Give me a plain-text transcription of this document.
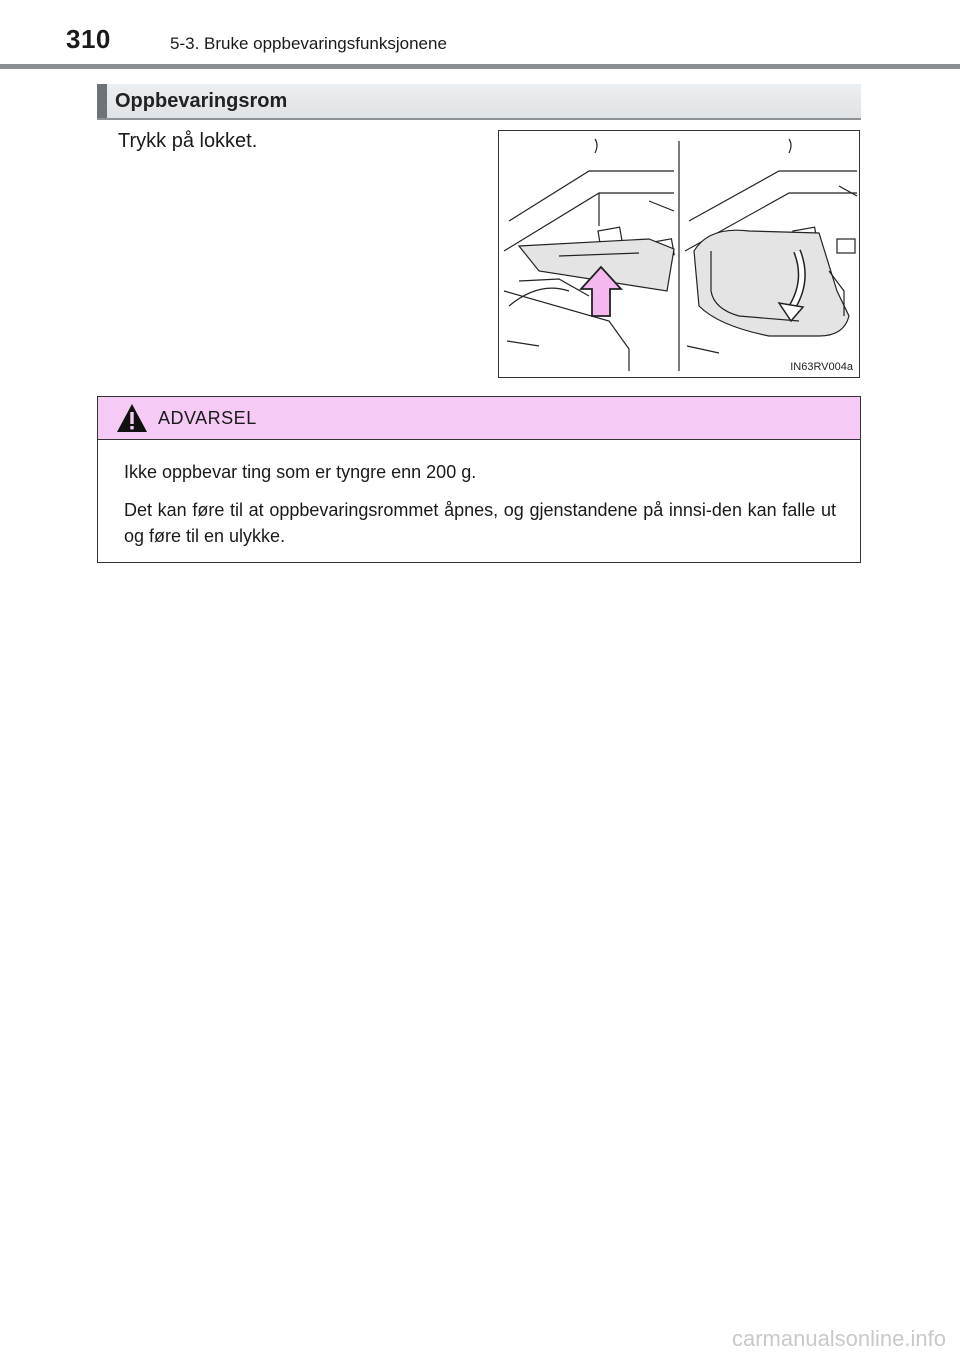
310	5-3. Bruke oppbevaringsfunksjonene
Oppbevaringsrom
Trykk på lokket.
IN63RV004a
ADVARSEL

Ikke oppbevar ting som er tyngre enn 200 g.

Det kan føre til at oppbevaringsrommet åpnes, og gjenstandene på innsi-den kan falle ut og føre til en ulykke.

carmanualsonline.info
